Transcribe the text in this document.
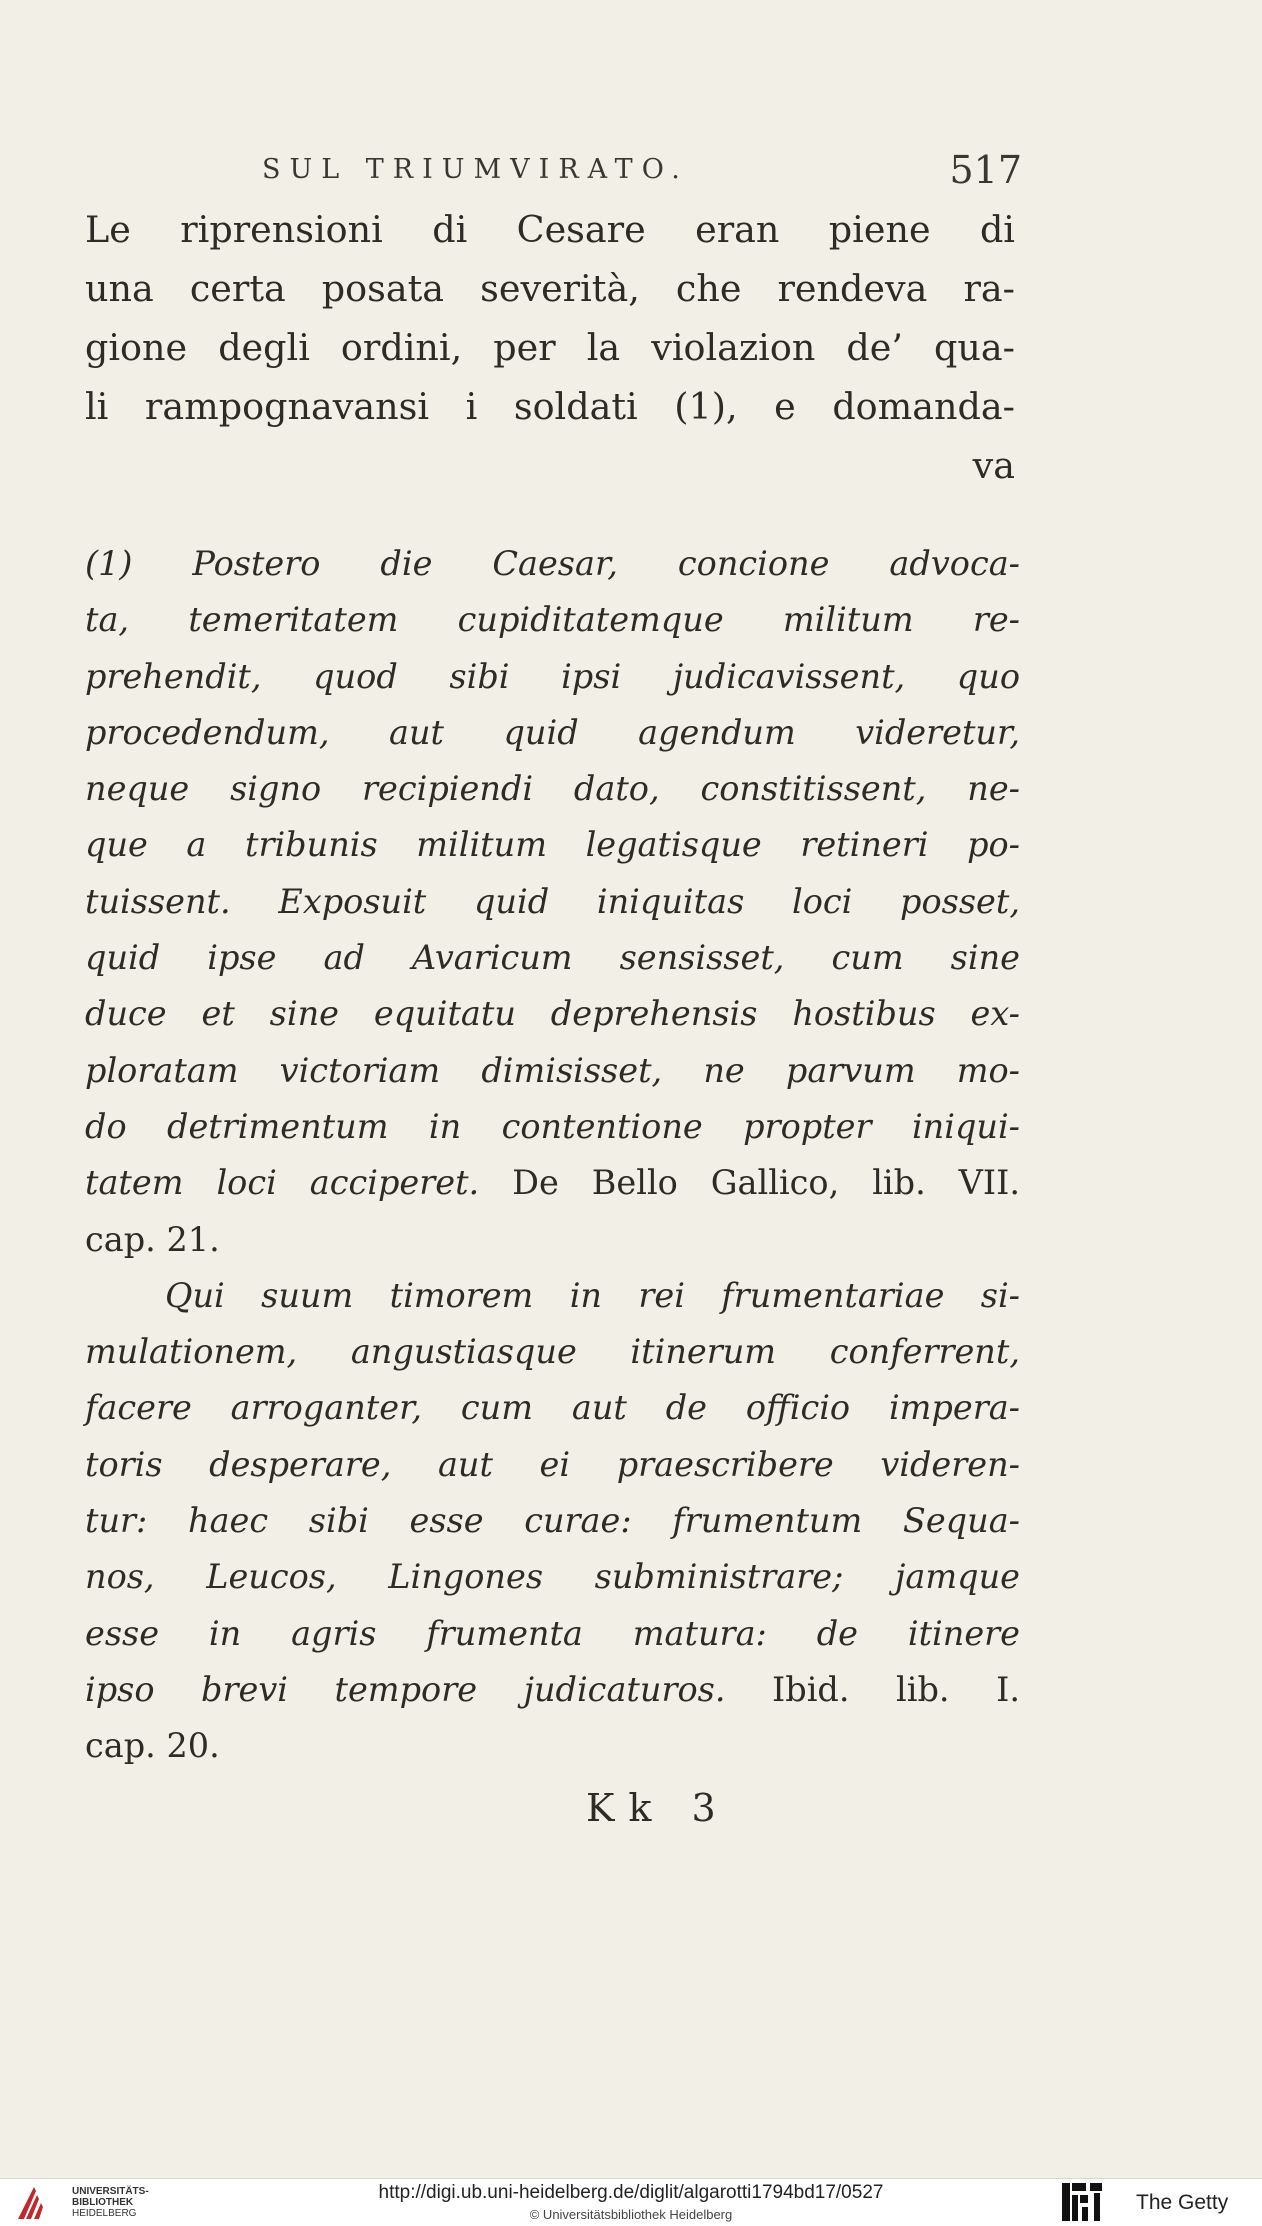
SUL TRIUMVIRATO.	517
Le riprensioni di Cesare eran piene di
una certa posata severità, che rendeva ra-
gione degli ordini, per la violazion de’ qua-
li rampognavansi i soldati (1), e domanda-
va
(1) Postero die Caesar, concione advoca-
ta, temeritatem cupiditatemque militum re-
prehendit, quod sibi ipsi judicavissent, quo
procedendum, aut quid agendum videretur,
neque signo recipiendi dato, constitissent, ne-
que a tribunis militum legatisque retineri po-
tuissent. Exposuit quid iniquitas loci posset,
quid ipse ad Avaricum sensisset, cum sine
duce et sine equitatu deprehensis hostibus ex-
ploratam victoriam dimisisset, ne parvum mo-
do detrimentum in contentione propter iniqui-
tatem loci acciperet. De Bello Gallico, lib. VII.
cap. 21.
Qui suum timorem in rei frumentariae si-
mulationem, angustiasque itinerum conferrent,
facere arroganter, cum aut de officio impera-
toris desperare, aut ei praescribere videren-
tur: haec sibi esse curae: frumentum Sequa-
nos, Leucos, Lingones subministrare; jamque
esse in agris frumenta matura: de itinere
ipso brevi tempore judicaturos. Ibid. lib. I.
cap. 20.
Kk 3
UNIVERSITÄTS-
BIBLIOTHEK
HEIDELBERG
http://digi.ub.uni-heidelberg.de/diglit/algarotti1794bd17/0527
© Universitätsbibliothek Heidelberg
The Getty
